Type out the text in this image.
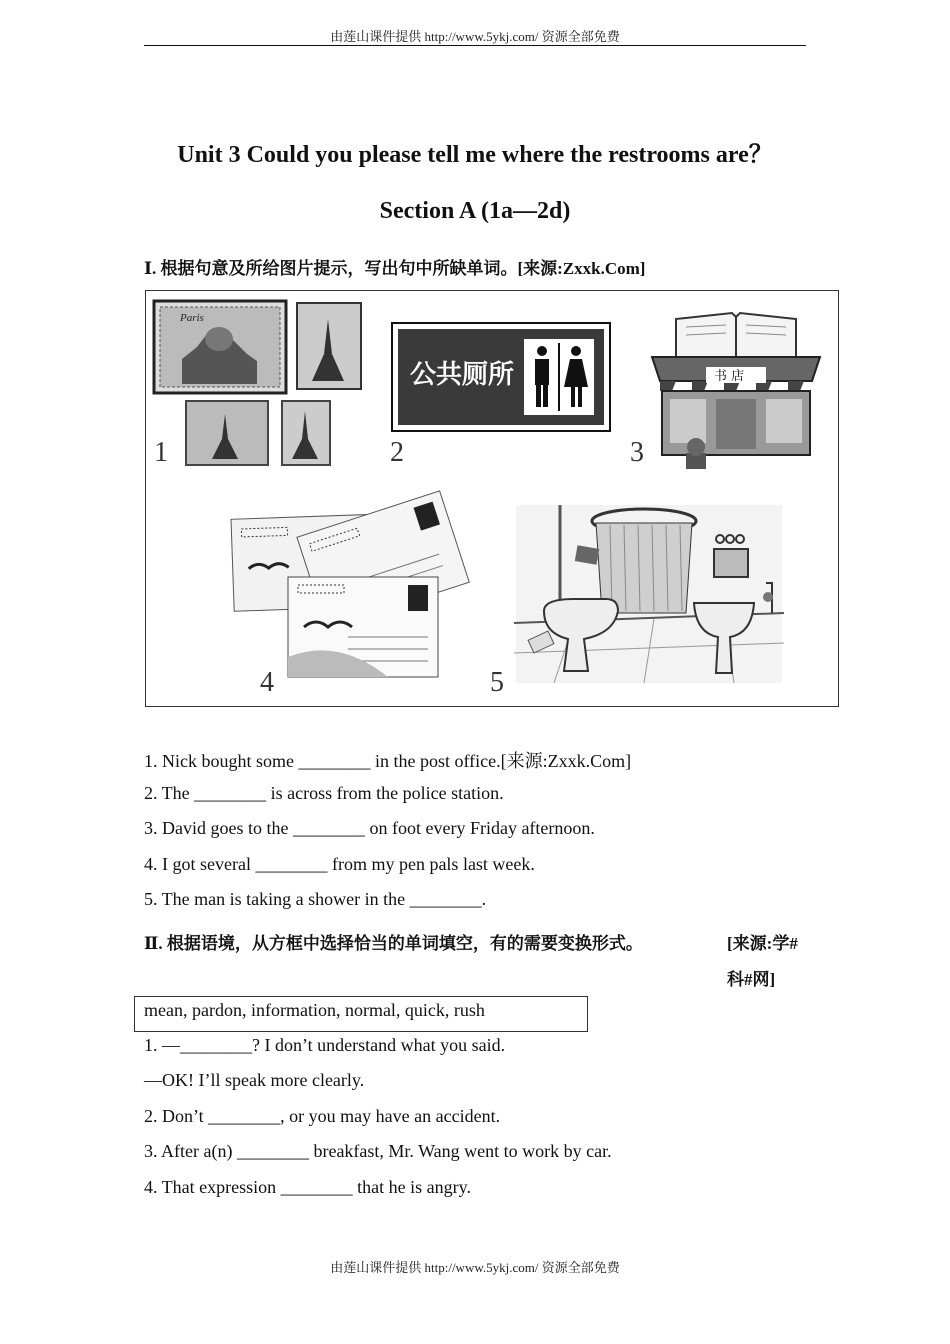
由莲山课件提供 http://www.5ykj.com/ 资源全部免费
Unit 3 Could you please tell me where the restrooms are？
Section A (1a—2d)
Ⅰ. 根据句意及所给图片提示，写出句中所缺单词。[来源:Zxxk.Com]
Paris
1
公共厕所
2
书 店
3
4	5
1. Nick bought some ________ in the post office.[来源:Zxxk.Com]
2. The ________ is across from the police station.
3. David goes to the ________ on foot every Friday afternoon.
4. I got several ________ from my pen pals last week.
5. The man is taking a shower in the ________.
Ⅱ. 根据语境，从方框中选择恰当的单词填空，有的需要变换形式。	[来源:学#科#网]
mean, pardon, information, normal, quick, rush
1. —________? I don’t understand what you said.
—OK! I’ll speak more clearly.
2. Don’t ________, or you may have an accident.
3. After a(n) ________ breakfast, Mr. Wang went to work by car.
4. That expression ________ that he is angry.
由莲山课件提供 http://www.5ykj.com/ 资源全部免费
